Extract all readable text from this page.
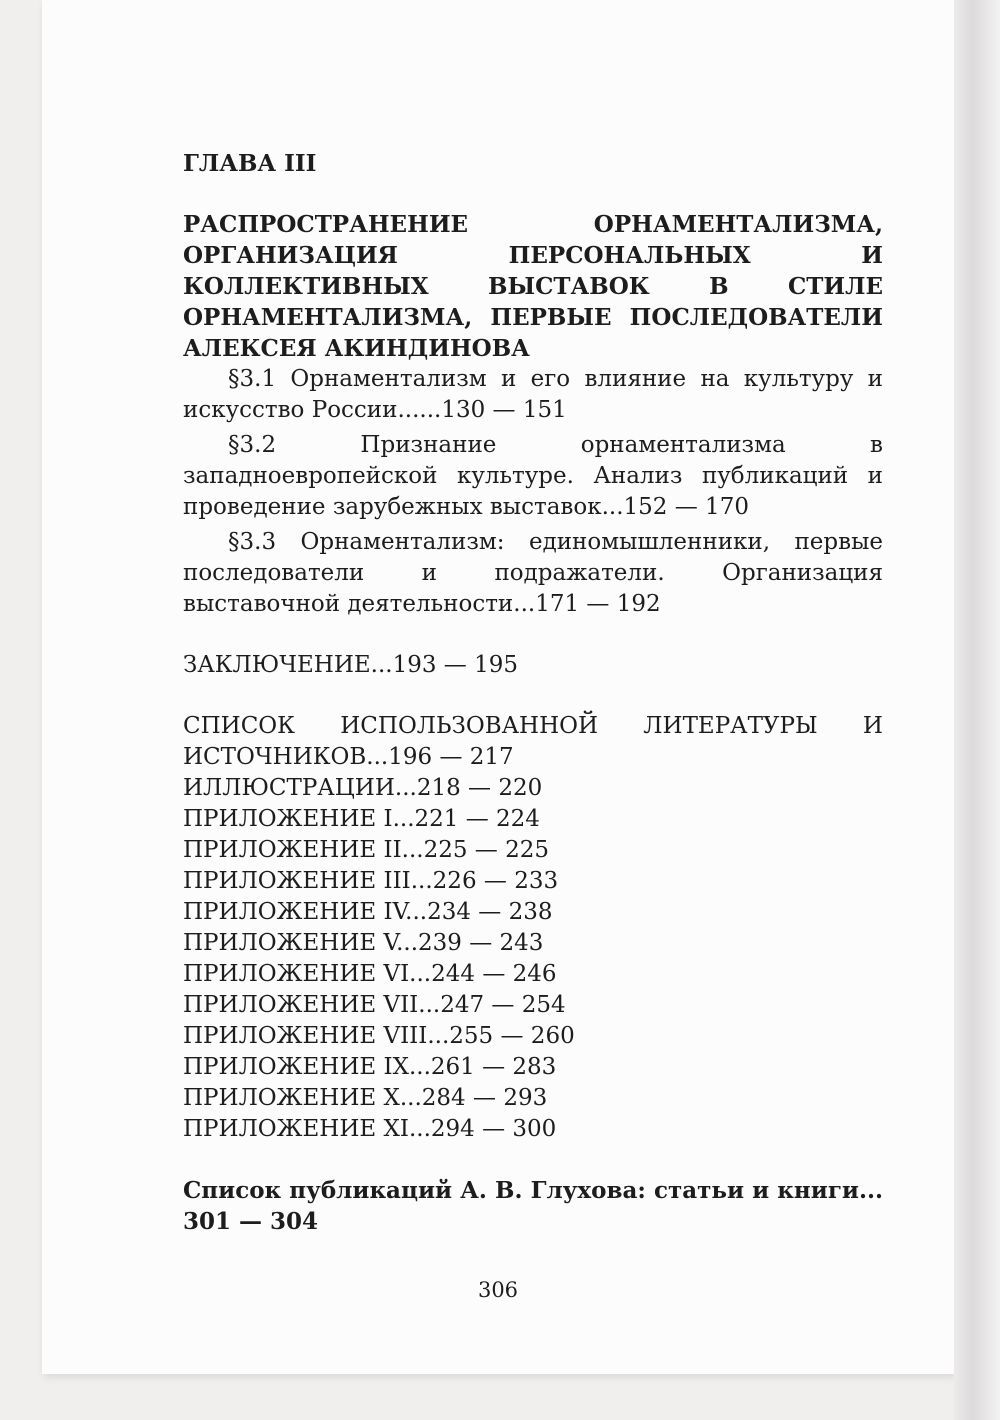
ГЛАВА III

РАСПРОСТРАНЕНИЕ ОРНАМЕНТАЛИЗМА, ОРГАНИЗАЦИЯ ПЕРСОНАЛЬНЫХ И КОЛЛЕКТИВНЫХ ВЫСТАВОК В СТИЛЕ ОРНАМЕНТАЛИЗМА, ПЕРВЫЕ ПОСЛЕДОВАТЕЛИ АЛЕКСЕЯ АКИНДИНОВА

§3.1 Орнаментализм и его влияние на культуру и искусство России......130 — 151

§3.2 Признание орнаментализма в западноевропейской культуре. Анализ публикаций и проведение зарубежных выставок...152 — 170

§3.3 Орнаментализм: единомышленники, первые последователи и подражатели. Организация выставочной деятельности...171 — 192

ЗАКЛЮЧЕНИЕ...193 — 195

СПИСОК ИСПОЛЬЗОВАННОЙ ЛИТЕРАТУРЫ И ИСТОЧНИКОВ...196 — 217

ИЛЛЮСТРАЦИИ...218 — 220

ПРИЛОЖЕНИЕ I...221 — 224

ПРИЛОЖЕНИЕ II...225 — 225

ПРИЛОЖЕНИЕ III...226 — 233

ПРИЛОЖЕНИЕ IV...234 — 238

ПРИЛОЖЕНИЕ V...239 — 243

ПРИЛОЖЕНИЕ VI...244 — 246

ПРИЛОЖЕНИЕ VII...247 — 254

ПРИЛОЖЕНИЕ VIII...255 — 260

ПРИЛОЖЕНИЕ IX...261 — 283

ПРИЛОЖЕНИЕ X...284 — 293

ПРИЛОЖЕНИЕ XI...294 — 300

Список публикаций А. В. Глухова: статьи и книги... 301 — 304

306
